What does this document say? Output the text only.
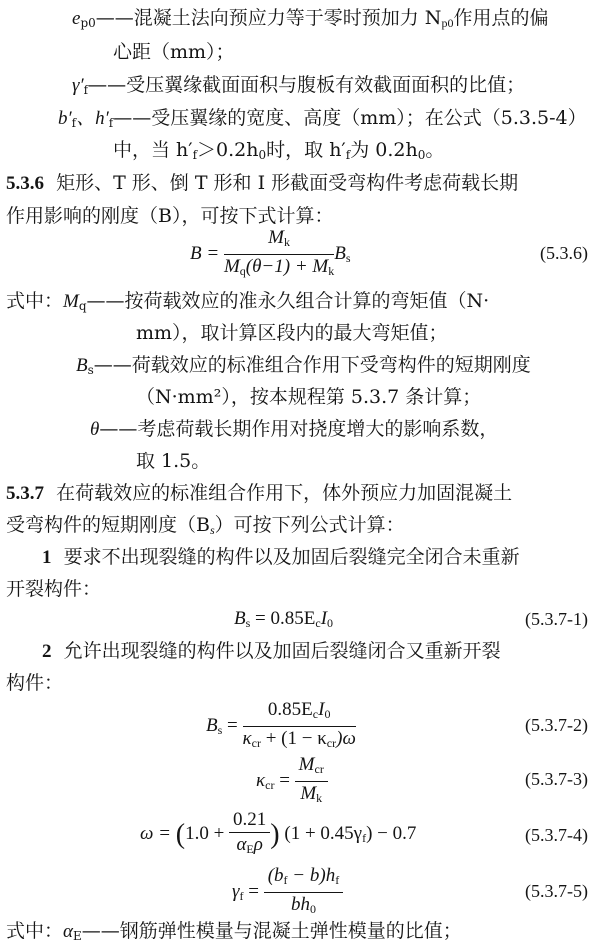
$e_{p0}——$混凝土法向预应力等于零时预加力 $N_{p0}$作用点的偏
心距（mm）；
$\gamma'_f——$受压翼缘截面面积与腹板有效截面面积的比值；
$b'_f$、$h'_f——$受压翼缘的宽度、高度（mm）；在公式（5.3.5-4）
中，当 $h'_f>0.2h_0$时，取 $h'_f$为 $0.2h_0$。
5.3.6 矩形、T 形、倒 T 形和 I 形截面受弯构件考虑荷载长期
作用影响的刚度（B），可按下式计算：
$B = \frac{M_k}{M_q(\theta-1) + M_k} B_s$	(5.3.6)
式中：$M_q——$按荷载效应的准永久组合计算的弯矩值（N·
mm），取计算区段内的最大弯矩值；
$B_s——$荷载效应的标准组合作用下受弯构件的短期刚度
（N·mm²），按本规程第 5.3.7 条计算；
θ——考虑荷载长期作用对挠度增大的影响系数，
取 1.5。
5.3.7 在荷载效应的标准组合作用下，体外预应力加固混凝土
受弯构件的短期刚度$(B_s)$可按下列公式计算：
1 要求不出现裂缝的构件以及加固后裂缝完全闭合未重新
开裂构件：
$B_s = 0.85E_cI_0$	(5.3.7-1)
2 允许出现裂缝的构件以及加固后裂缝闭合又重新开裂
构件：
$B_s = \frac{0.85E_cI_0}{\kappa_{cr} + (1 - \kappa_{cr})\omega}$	(5.3.7-2)
$\kappa_{cr} = \frac{M_{cr}}{M_k}$	(5.3.7-3)
$\omega = (1.0 + \frac{0.21}{\alpha_E\rho}$ ) $(1 + 0.45\gamma_f) - 0.7$	(5.3.7-4)
$\gamma_f = \frac{(b_f - b)h_f}{bh_0}$	(5.3.7-5)
式中：$\alpha_E——$钢筋弹性模量与混凝土弹性模量的比值；
